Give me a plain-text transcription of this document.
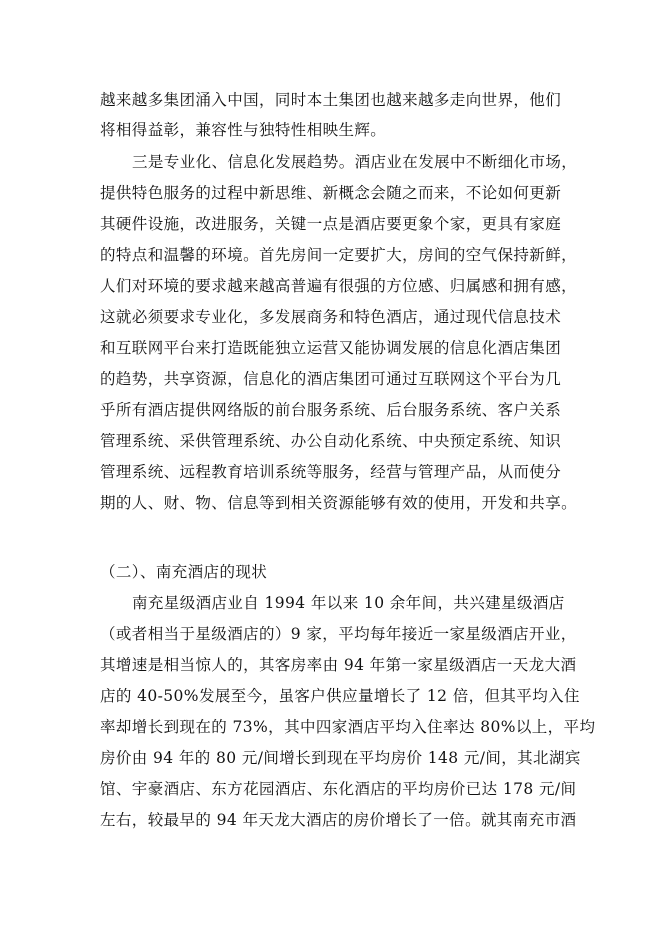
越来越多集团涌入中国，同时本土集团也越来越多走向世界，他们
将相得益彰，兼容性与独特性相映生辉。
三是专业化、信息化发展趋势。酒店业在发展中不断细化市场，
提供特色服务的过程中新思维、新概念会随之而来，不论如何更新
其硬件设施，改进服务，关键一点是酒店要更象个家，更具有家庭
的特点和温馨的环境。首先房间一定要扩大，房间的空气保持新鲜，
人们对环境的要求越来越高普遍有很强的方位感、归属感和拥有感，
这就必须要求专业化，多发展商务和特色酒店，通过现代信息技术
和互联网平台来打造既能独立运营又能协调发展的信息化酒店集团
的趋势，共享资源，信息化的酒店集团可通过互联网这个平台为几
乎所有酒店提供网络版的前台服务系统、后台服务系统、客户关系
管理系统、采供管理系统、办公自动化系统、中央预定系统、知识
管理系统、远程教育培训系统等服务，经营与管理产品，从而使分
期的人、财、物、信息等到相关资源能够有效的使用，开发和共享。
（二）、南充酒店的现状
南充星级酒店业自 1994 年以来 10 余年间，共兴建星级酒店
（或者相当于星级酒店的）9 家，平均每年接近一家星级酒店开业，
其增速是相当惊人的，其客房率由 94 年第一家星级酒店一天龙大酒
店的 40-50%发展至今，虽客户供应量增长了 12 倍，但其平均入住
率却增长到现在的 73%，其中四家酒店平均入住率达 80%以上，平均
房价由 94 年的 80 元/间增长到现在平均房价 148 元/间，其北湖宾
馆、宇豪酒店、东方花园酒店、东化酒店的平均房价已达 178 元/间
左右，较最早的 94 年天龙大酒店的房价增长了一倍。就其南充市酒
